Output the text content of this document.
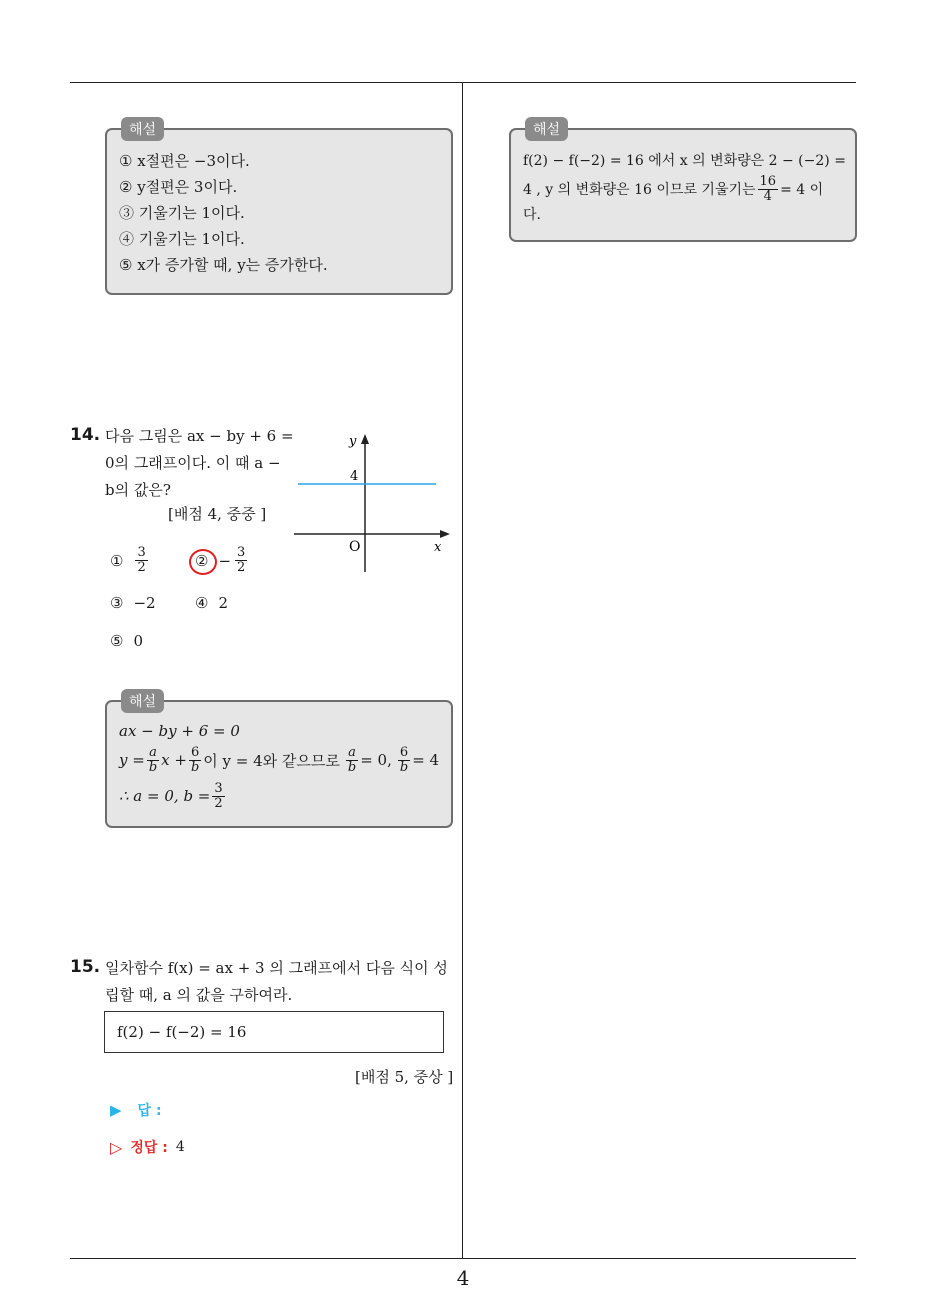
해설
① x절편은 −3이다.
② y절편은 3이다.
③ 기울기는 1이다.
④ 기울기는 1이다.
⑤ x가 증가할 때, y는 증가한다.
14. 다음 그림은 ax − by + 6 =
0의 그래프이다. 이 때 a −
b의 값은?
[배점 4, 중중 ]
y
x
O
4
① $\frac{3}{2}$	② − $\frac{3}{2}$
③ −2	④ 2
⑤ 0
해설
ax − by + 6 = 0
$y = \frac{a}{b}$ $x + \frac{6}{b}$ 이 y = 4와 같으므로 $\frac{a}{b} = 0$, $\frac{6}{b} = 4$
∴ a = 0, $b = \frac{3}{2}$
15. 일차함수 f(x) = ax + 3 의 그래프에서 다음 식이 성
립할 때, a 의 값을 구하여라.
f(2) − f(−2) = 16
[배점 5, 중상 ]
▶ 답 :
▷ 정답 : 4
해설
f(2) − f(−2) = 16 에서 x 의 변화량은 2 − (−2) =
4 , y 의 변화량은 16 이므로 기울기는 $\frac{16}{4} = 4$ 이
다.
4
